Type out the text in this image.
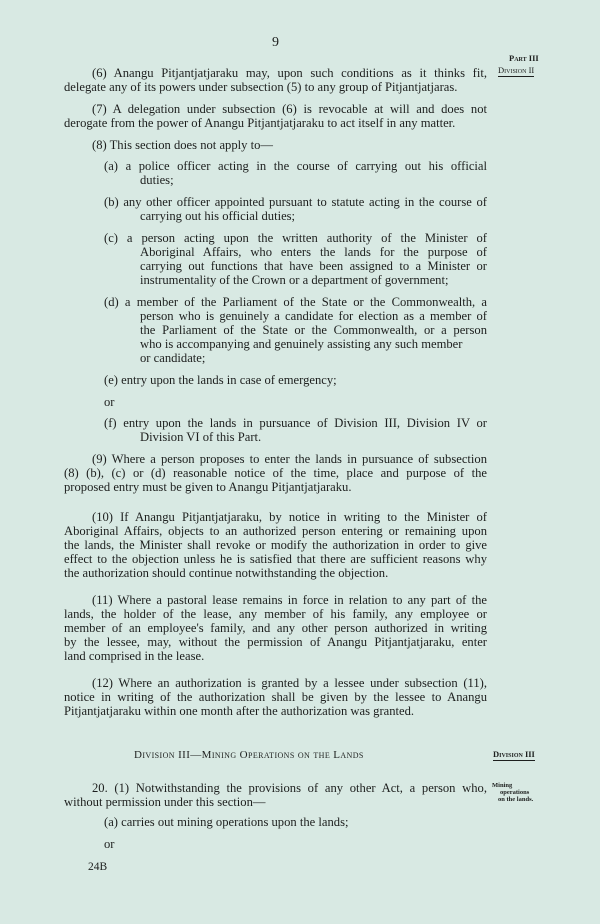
9
Part III
Division II
(6) Anangu Pitjantjatjaraku may, upon such conditions as it thinks fit,
delegate any of its powers under subsection (5) to any group of Pitjantjatjaras.
(7) A delegation under subsection (6) is revocable at will and does not
derogate from the power of Anangu Pitjantjatjaraku to act itself in any matter.
(8) This section does not apply to—
(a) a police officer acting in the course of carrying out his official
duties;
(b) any other officer appointed pursuant to statute acting in the course of
carrying out his official duties;
(c) a person acting upon the written authority of the Minister of
Aboriginal Affairs, who enters the lands for the purpose of
carrying out functions that have been assigned to a Minister or
instrumentality of the Crown or a department of government;
(d) a member of the Parliament of the State or the Commonwealth, a
person who is genuinely a candidate for election as a member of
the Parliament of the State or the Commonwealth, or a person
who is accompanying and genuinely assisting any such member
or candidate;
(e) entry upon the lands in case of emergency;
or
(f) entry upon the lands in pursuance of Division III, Division IV or
Division VI of this Part.
(9) Where a person proposes to enter the lands in pursuance of subsection
(8) (b), (c) or (d) reasonable notice of the time, place and purpose of the
proposed entry must be given to Anangu Pitjantjatjaraku.
(10) If Anangu Pitjantjatjaraku, by notice in writing to the Minister of
Aboriginal Affairs, objects to an authorized person entering or remaining upon
the lands, the Minister shall revoke or modify the authorization in order to give
effect to the objection unless he is satisfied that there are sufficient reasons why
the authorization should continue notwithstanding the objection.
(11) Where a pastoral lease remains in force in relation to any part of the
lands, the holder of the lease, any member of his family, any employee or
member of an employee's family, and any other person authorized in writing
by the lessee, may, without the permission of Anangu Pitjantjatjaraku, enter
land comprised in the lease.
(12) Where an authorization is granted by a lessee under subsection (11),
notice in writing of the authorization shall be given by the lessee to Anangu
Pitjantjatjaraku within one month after the authorization was granted.
Division III—Mining Operations on the Lands	Division III
20. (1) Notwithstanding the provisions of any other Act, a person who,
without permission under this section—
Mining
operations
on the lands.
(a) carries out mining operations upon the lands;
or
24B
